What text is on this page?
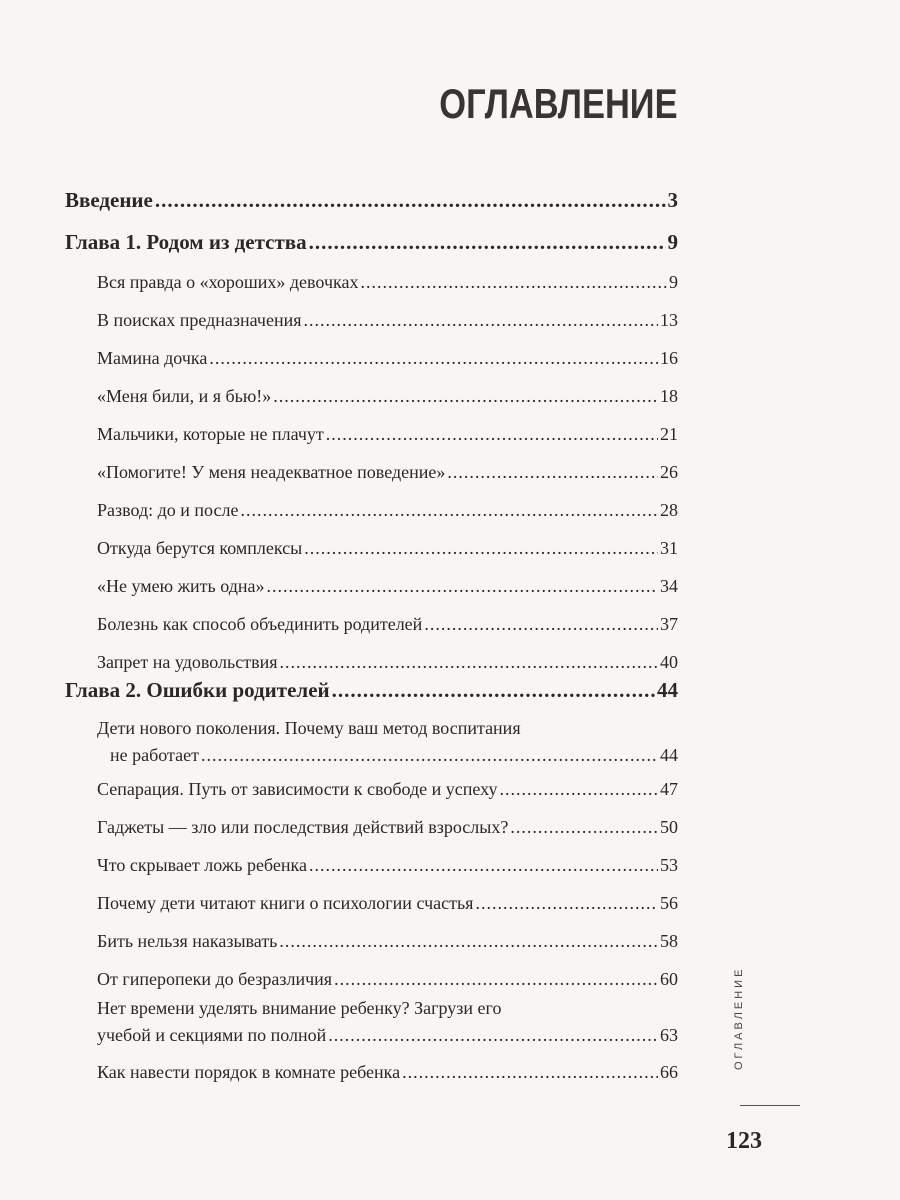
ОГЛАВЛЕНИЕ
Введение .....	3
Глава 1. Родом из детства .....	9
Вся правда о «хороших» девочках .....	9
В поисках предназначения .....	13
Мамина дочка .....	16
«Меня били, и я бью!» .....	18
Мальчики, которые не плачут .....	21
«Помогите! У меня неадекватное поведение» .....	26
Развод: до и после .....	28
Откуда берутся комплексы .....	31
«Не умею жить одна» .....	34
Болезнь как способ объединить родителей .....	37
Запрет на удовольствия .....	40
Глава 2. Ошибки родителей .....	44
Дети нового поколения. Почему ваш метод воспитания
не работает .....	44
Сепарация. Путь от зависимости к свободе и успеху .....	47
Гаджеты — зло или последствия действий взрослых? .....	50
Что скрывает ложь ребенка .....	53
Почему дети читают книги о психологии счастья .....	56
Бить нельзя наказывать .....	58
От гиперопеки до безразличия .....	60
Нет времени уделять внимание ребенку? Загрузи его
учебой и секциями по полной .....	63
Как навести порядок в комнате ребенка .....	66
ОГЛАВЛЕНИЕ
123
